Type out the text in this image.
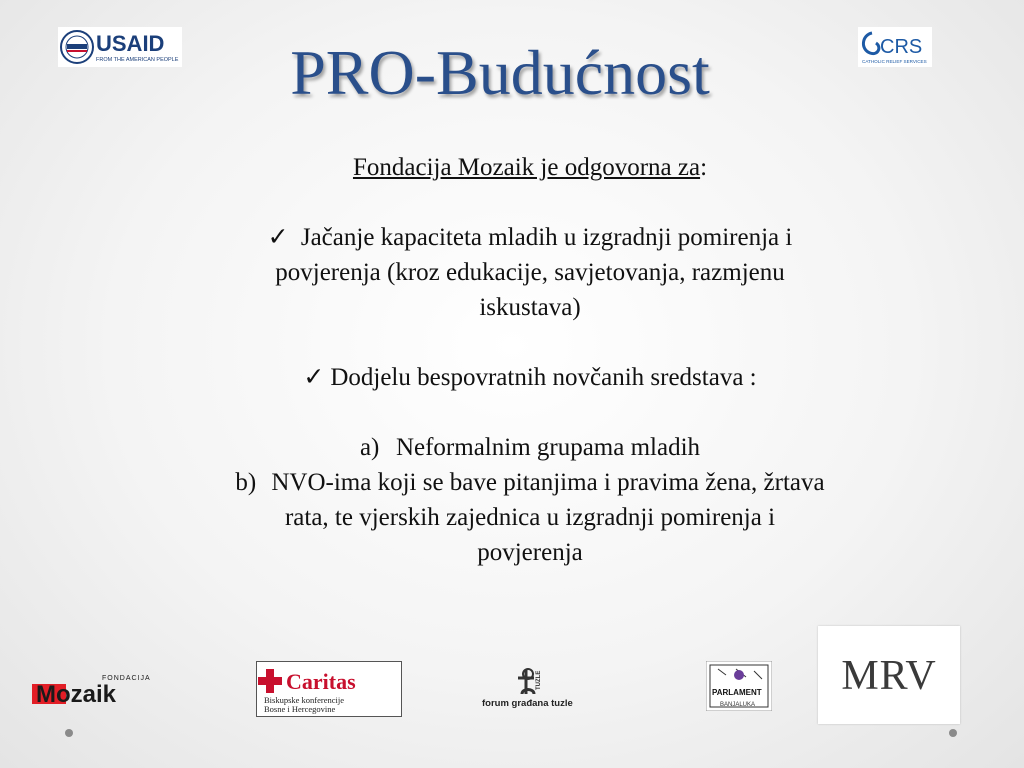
USAID
FROM THE AMERICAN PEOPLE
CRS
CATHOLIC RELIEF SERVICES
PRO-Budućnost

Fondacija Mozaik je odgovorna za:

✓ Jačanje kapaciteta mladih u izgradnji pomirenja i
povjerenja (kroz edukacije, savjetovanja, razmjenu
iskustava)

✓ Dodjelu bespovratnih novčanih sredstava :

a) Neformalnim grupama mladih

b) NVO-ima koji se bave pitanjima i pravima žena, žrtava
rata, te vjerskih zajednica u izgradnji pomirenja i
povjerenja

FONDACIJA
Mozaik	Caritas
Biskupske konferencije
Bosne i Hercegovine
TUZLE
forum građana tuzle
PARLAMENT
BANJALUKA
MRV
